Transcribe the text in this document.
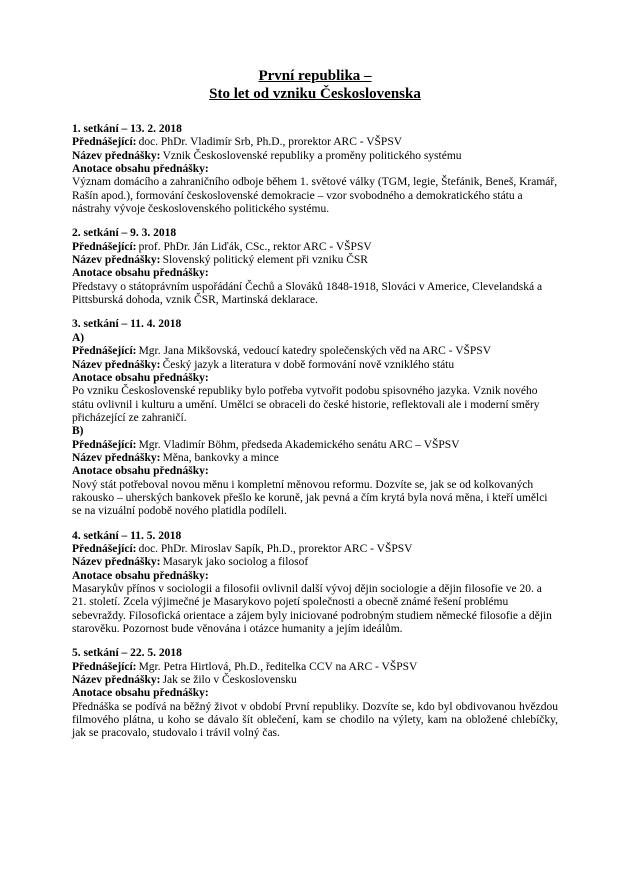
První republika –
Sto let od vzniku Československa

1. setkání – 13. 2. 2018

Přednášející: doc. PhDr. Vladimír Srb, Ph.D., prorektor ARC - VŠPSV

Název přednášky: Vznik Československé republiky a proměny politického systému

Anotace obsahu přednášky:

Význam domácího a zahraničního odboje během 1. světové války (TGM, legie, Štefánik, Beneš, Kramář, Rašín apod.), formování československé demokracie – vzor svobodného a demokratického státu a nástrahy vývoje československého politického systému.

2. setkání – 9. 3. 2018

Přednášející: prof. PhDr. Ján Liďák, CSc., rektor ARC - VŠPSV

Název přednášky: Slovenský politický element při vzniku ČSR

Anotace obsahu přednášky:

Představy o státoprávním uspořádání Čechů a Slováků 1848-1918, Slováci v Americe, Clevelandská a Pittsburská dohoda, vznik ČSR, Martinská deklarace.

3. setkání – 11. 4. 2018

A)

Přednášející: Mgr. Jana Mikšovská, vedoucí katedry společenských věd na ARC - VŠPSV

Název přednášky: Český jazyk a literatura v době formování nově vzniklého státu

Anotace obsahu přednášky:

Po vzniku Československé republiky bylo potřeba vytvořit podobu spisovného jazyka. Vznik nového státu ovlivnil i kulturu a umění. Umělci se obraceli do české historie, reflektovali ale i moderní směry přicházející ze zahraničí.

B)

Přednášející: Mgr. Vladimír Böhm, předseda Akademického senátu ARC – VŠPSV

Název přednášky: Měna, bankovky a mince

Anotace obsahu přednášky:

Nový stát potřeboval novou měnu i kompletní měnovou reformu. Dozvíte se, jak se od kolkovaných rakousko – uherských bankovek přešlo ke koruně, jak pevná a čím krytá byla nová měna, i kteří umělci se na vizuální podobě nového platidla podíleli.

4. setkání – 11. 5. 2018

Přednášející: doc. PhDr. Miroslav Sapík, Ph.D., prorektor ARC - VŠPSV

Název přednášky: Masaryk jako sociolog a filosof

Anotace obsahu přednášky:

Masarykův přínos v sociologii a filosofii ovlivnil další vývoj dějin sociologie a dějin filosofie ve 20. a 21. století. Zcela výjimečné je Masarykovo pojetí společnosti a obecně známé řešení problému sebevraždy. Filosofická orientace a zájem byly iniciované podrobným studiem německé filosofie a dějin starověku. Pozornost bude věnována i otázce humanity a jejím ideálům.

5. setkání – 22. 5. 2018

Přednášející: Mgr. Petra Hirtlová, Ph.D., ředitelka CCV na ARC - VŠPSV

Název přednášky: Jak se žilo v Československu

Anotace obsahu přednášky:

Přednáška se podívá na běžný život v období První republiky. Dozvíte se, kdo byl obdivovanou hvězdou filmového plátna, u koho se dávalo šít oblečení, kam se chodilo na výlety, kam na obložené chlebíčky, jak se pracovalo, studovalo i trávil volný čas.
